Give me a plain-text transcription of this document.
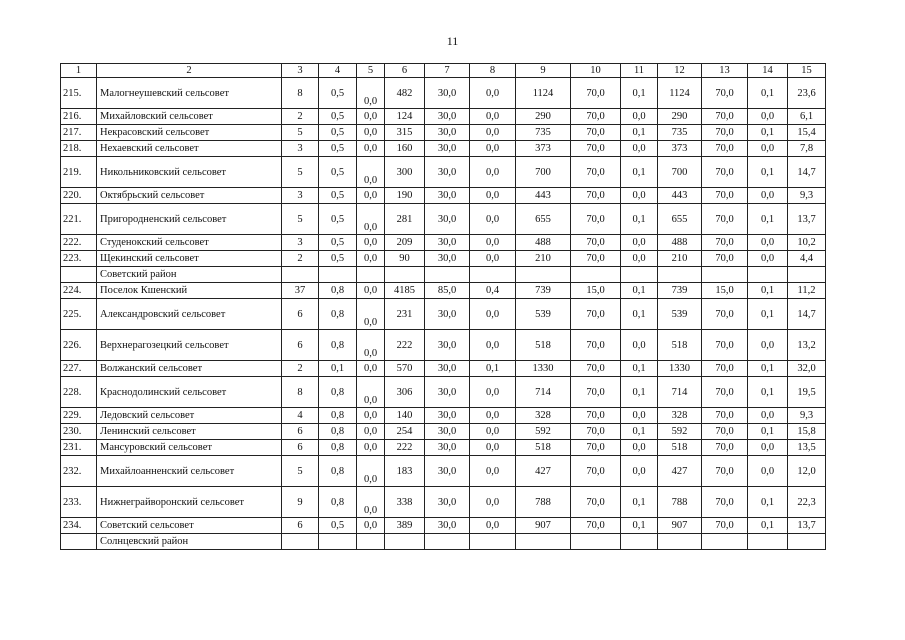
11
1	2	3	4	5	6	7	8	9	10	11	12	13	14	15
215.	Малогнеушевский сельсовет	8	0,5	0,0	482	30,0	0,0	1124	70,0	0,1	1124	70,0	0,1	23,6
216.	Михайловский сельсовет	2	0,5	0,0	124	30,0	0,0	290	70,0	0,0	290	70,0	0,0	6,1
217.	Некрасовский сельсовет	5	0,5	0,0	315	30,0	0,0	735	70,0	0,1	735	70,0	0,1	15,4
218.	Нехаевский сельсовет	3	0,5	0,0	160	30,0	0,0	373	70,0	0,0	373	70,0	0,0	7,8
219.	Никольниковский сельсовет	5	0,5	0,0	300	30,0	0,0	700	70,0	0,1	700	70,0	0,1	14,7
220.	Октябрьский сельсовет	3	0,5	0,0	190	30,0	0,0	443	70,0	0,0	443	70,0	0,0	9,3
221.	Пригородненский сельсовет	5	0,5	0,0	281	30,0	0,0	655	70,0	0,1	655	70,0	0,1	13,7
222.	Студенокский сельсовет	3	0,5	0,0	209	30,0	0,0	488	70,0	0,0	488	70,0	0,0	10,2
223.	Щекинский сельсовет	2	0,5	0,0	90	30,0	0,0	210	70,0	0,0	210	70,0	0,0	4,4
	Советский район													
224.	Поселок Кшенский	37	0,8	0,0	4185	85,0	0,4	739	15,0	0,1	739	15,0	0,1	11,2
225.	Александровский сельсовет	6	0,8	0,0	231	30,0	0,0	539	70,0	0,1	539	70,0	0,1	14,7
226.	Верхнерагозецкий сельсовет	6	0,8	0,0	222	30,0	0,0	518	70,0	0,0	518	70,0	0,0	13,2
227.	Волжанский сельсовет	2	0,1	0,0	570	30,0	0,1	1330	70,0	0,1	1330	70,0	0,1	32,0
228.	Краснодолинский сельсовет	8	0,8	0,0	306	30,0	0,0	714	70,0	0,1	714	70,0	0,1	19,5
229.	Ледовский сельсовет	4	0,8	0,0	140	30,0	0,0	328	70,0	0,0	328	70,0	0,0	9,3
230.	Ленинский сельсовет	6	0,8	0,0	254	30,0	0,0	592	70,0	0,1	592	70,0	0,1	15,8
231.	Мансуровский сельсовет	6	0,8	0,0	222	30,0	0,0	518	70,0	0,0	518	70,0	0,0	13,5
232.	Михайлоанненский сельсовет	5	0,8	0,0	183	30,0	0,0	427	70,0	0,0	427	70,0	0,0	12,0
233.	Нижнеграйворонский сельсовет	9	0,8	0,0	338	30,0	0,0	788	70,0	0,1	788	70,0	0,1	22,3
234.	Советский сельсовет	6	0,5	0,0	389	30,0	0,0	907	70,0	0,1	907	70,0	0,1	13,7
	Солнцевский район													
